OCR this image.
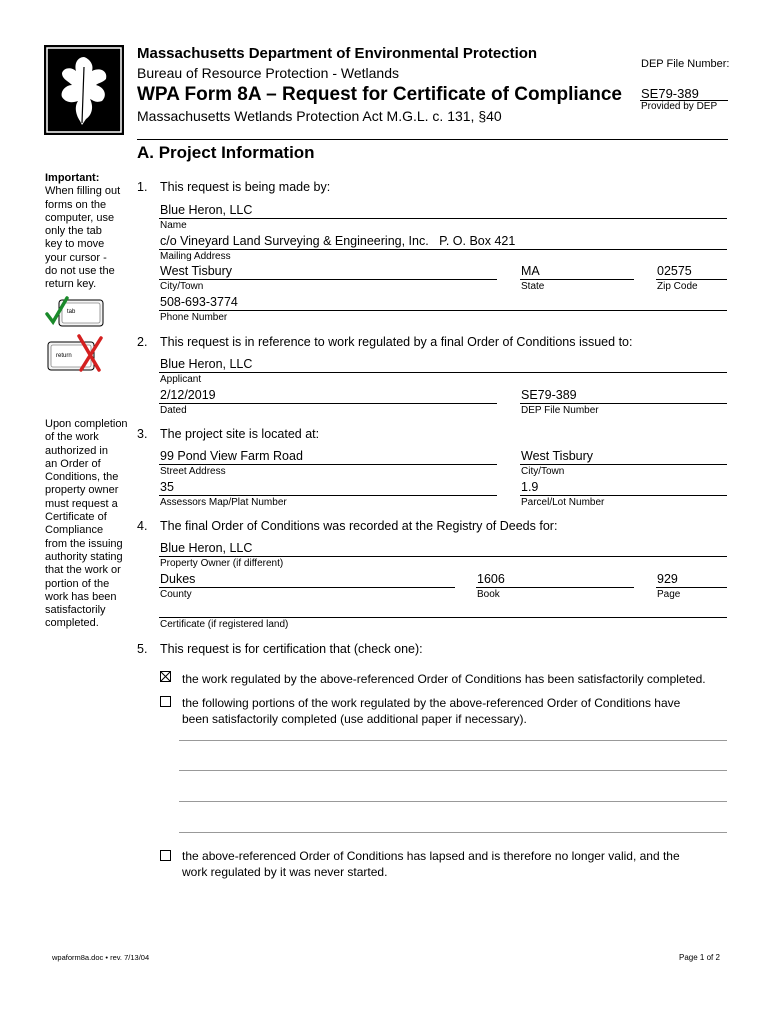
Massachusetts Department of Environmental Protection
Bureau of Resource Protection - Wetlands
WPA Form 8A – Request for Certificate of Compliance
Massachusetts Wetlands Protection Act M.G.L. c. 131, §40
DEP File Number:
SE79-389
Provided by DEP
A. Project Information
Important:
When filling out
forms on the
computer, use
only the tab
key to move
your cursor -
do not use the
return key.
tab
return
Upon completion
of the work
authorized in
an Order of
Conditions, the
property owner
must request a
Certificate of
Compliance
from the issuing
authority stating
that the work or
portion of the
work has been
satisfactorily
completed.
1. This request is being made by:
Blue Heron, LLC
Name
c/o Vineyard Land Surveying & Engineering, Inc.   P. O. Box 421
Mailing Address
West Tisbury
City/Town
MA
State
02575
Zip Code
508-693-3774
Phone Number
2. This request is in reference to work regulated by a final Order of Conditions issued to:
Blue Heron, LLC
Applicant
2/12/2019
Dated
SE79-389
DEP File Number
3. The project site is located at:
99 Pond View Farm Road
Street Address
West Tisbury
City/Town
35
Assessors Map/Plat Number
1.9
Parcel/Lot Number
4. The final Order of Conditions was recorded at the Registry of Deeds for:
Blue Heron, LLC
Property Owner (if different)
Dukes
County
1606
Book
929
Page
Certificate (if registered land)
5. This request is for certification that (check one):
the work regulated by the above-referenced Order of Conditions has been satisfactorily completed.
the following portions of the work regulated by the above-referenced Order of Conditions have
been satisfactorily completed (use additional paper if necessary).
the above-referenced Order of Conditions has lapsed and is therefore no longer valid, and the
work regulated by it was never started.
wpaform8a.doc • rev. 7/13/04	Page 1 of 2
